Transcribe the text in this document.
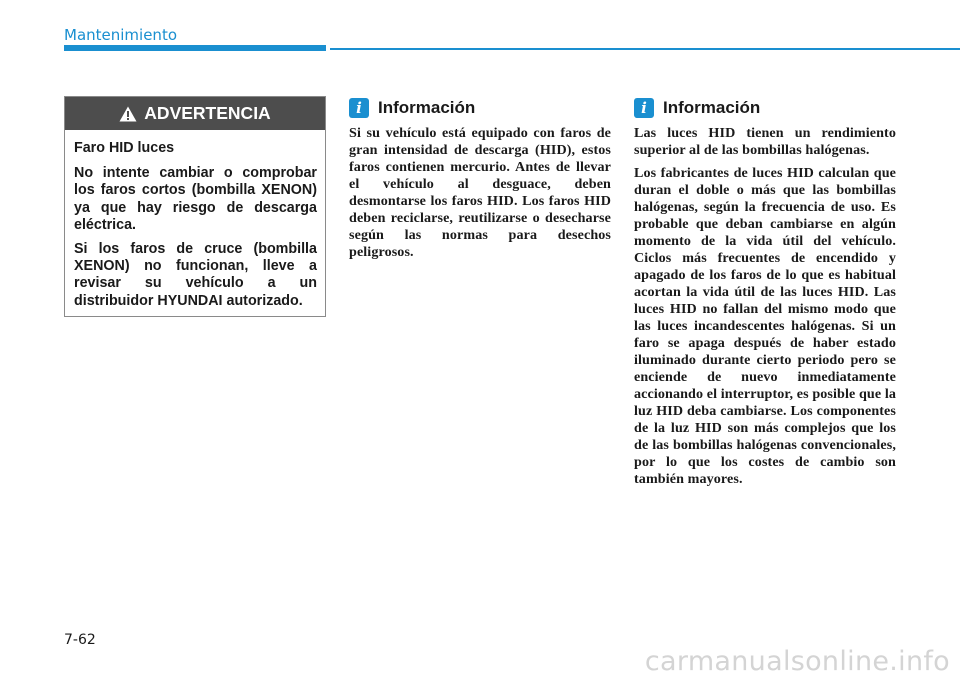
Mantenimiento
ADVERTENCIA

Faro HID luces

No intente cambiar o comprobar los faros cortos (bombilla XENON) ya que hay riesgo de descarga eléctrica.

Si los faros de cruce (bombilla XENON) no funcionan, lleve a revisar su vehículo a un distribuidor HYUNDAI autorizado.

i Información

Si su vehículo está equipado con faros de gran intensidad de descarga (HID), estos faros contienen mercurio. Antes de llevar el vehículo al desguace, deben desmontarse los faros HID. Los faros HID deben reciclarse, reutilizarse o desecharse según las normas para desechos peligrosos.

i Información

Las luces HID tienen un rendimiento superior al de las bombillas halógenas.

Los fabricantes de luces HID calculan que duran el doble o más que las bombillas halógenas, según la frecuencia de uso. Es probable que deban cambiarse en algún momento de la vida útil del vehículo. Ciclos más frecuentes de encendido y apagado de los faros de lo que es habitual acortan la vida útil de las luces HID. Las luces HID no fallan del mismo modo que las luces incandescentes halógenas. Si un faro se apaga después de haber estado iluminado durante cierto periodo pero se enciende de nuevo inmediatamente accionando el interruptor, es posible que la luz HID deba cambiarse. Los componentes de la luz HID son más complejos que los de las bombillas halógenas convencionales, por lo que los costes de cambio son también mayores.

7-62
carmanualsonline.info
